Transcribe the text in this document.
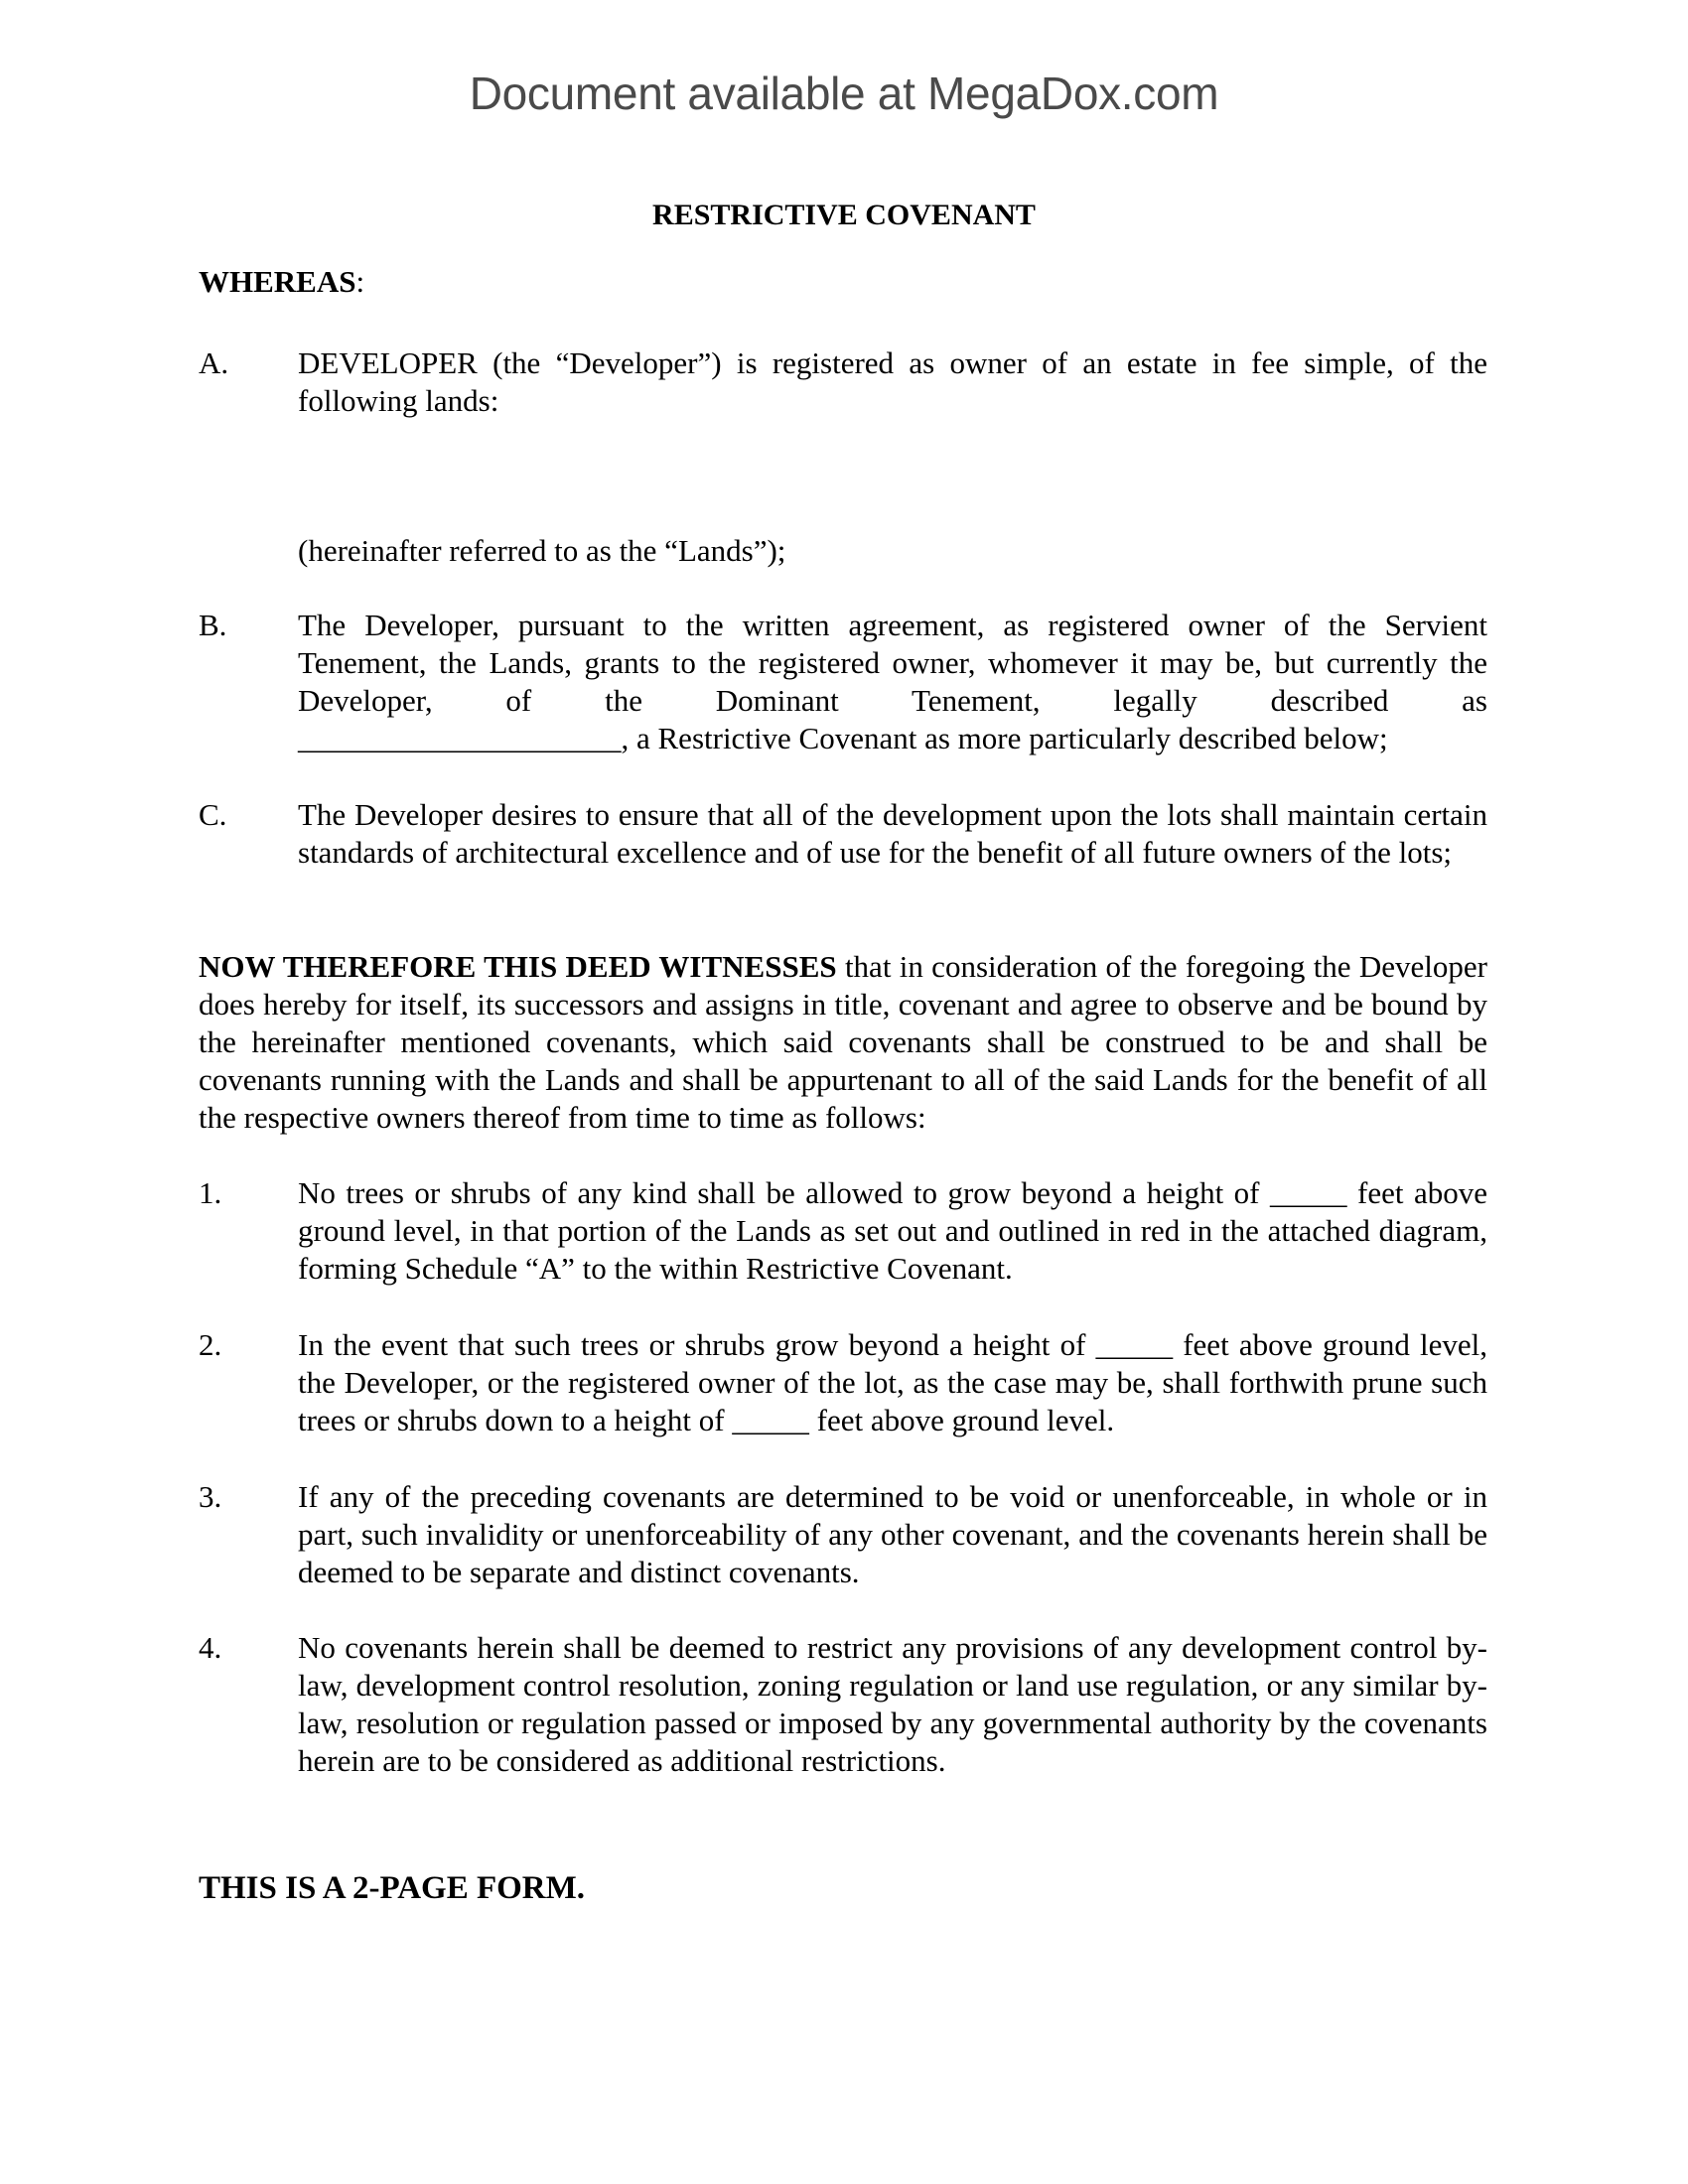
Document available at MegaDox.com
RESTRICTIVE COVENANT
WHEREAS:
A. DEVELOPER (the “Developer”) is registered as owner of an estate in fee simple, of the following lands:
(hereinafter referred to as the “Lands”);
B. The Developer, pursuant to the written agreement, as registered owner of the Servient Tenement, the Lands, grants to the registered owner, whomever it may be, but currently the Developer, of the Dominant Tenement, legally described as
_____________________, a Restrictive Covenant as more particularly described below;
C. The Developer desires to ensure that all of the development upon the lots shall maintain certain standards of architectural excellence and of use for the benefit of all future owners of the lots;
NOW THEREFORE THIS DEED WITNESSES that in consideration of the foregoing the Developer does hereby for itself, its successors and assigns in title, covenant and agree to observe and be bound by the hereinafter mentioned covenants, which said covenants shall be construed to be and shall be covenants running with the Lands and shall be appurtenant to all of the said Lands for the benefit of all the respective owners thereof from time to time as follows:
1. No trees or shrubs of any kind shall be allowed to grow beyond a height of _____ feet above ground level, in that portion of the Lands as set out and outlined in red in the attached diagram, forming Schedule “A” to the within Restrictive Covenant.
2. In the event that such trees or shrubs grow beyond a height of _____ feet above ground level, the Developer, or the registered owner of the lot, as the case may be, shall forthwith prune such trees or shrubs down to a height of _____ feet above ground level.
3. If any of the preceding covenants are determined to be void or unenforceable, in whole or in part, such invalidity or unenforceability of any other covenant, and the covenants herein shall be deemed to be separate and distinct covenants.
4. No covenants herein shall be deemed to restrict any provisions of any development control by-law, development control resolution, zoning regulation or land use regulation, or any similar by-law, resolution or regulation passed or imposed by any governmental authority by the covenants herein are to be considered as additional restrictions.
THIS IS A 2-PAGE FORM.
